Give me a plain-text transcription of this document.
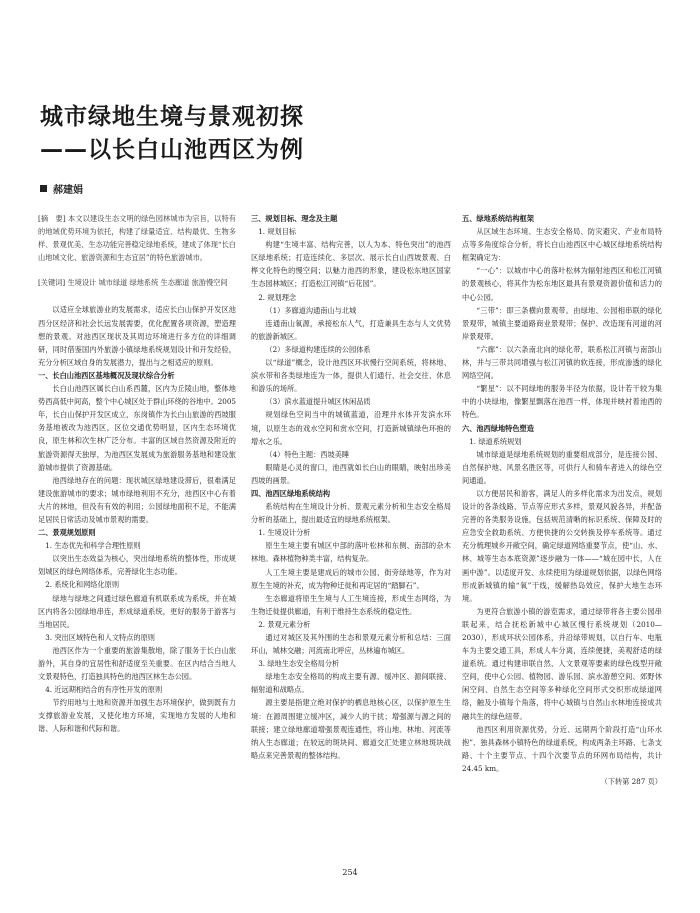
城市绿地生境与景观初探
——以长白山池西区为例
郝建娟

[摘　要] 本文以建设生态文明的绿色园林城市为宗旨，以特有的地域优势环境为依托，构建了绿量适宜、结构最优、生物多样、景观优美、生态功能完善稳定绿地系统，建成了体现“长白山地域文化、旅游资源和生态宜居”的特色旅游城市。

[关键词] 生境设计 城市绿道 绿地系统 生态廊道 旅游慢空间

以适应全球旅游业的发展需求，适应长白山保护开发区池西分区经济和社会长远发展需要，优化配置各项资源，塑造理想的景观。对池西区现状及其周边环境进行多方位的详细调研，同时借鉴国内外旅游小镇绿地系统规划设计和开发经验，充分分析区域自身的发展潜力，提出与之相适应的原则。

一、长白山池西区基地概况及现状综合分析

长白山池西区属长白山系西麓，区内为丘陵山地，整体地势西高低中间高，整个中心城区处于群山环绕的谷地中。2005年，长白山保护开发区成立，东岗镇作为长白山旅游的西坡服务基地被改为池西区，区位交通优势明显，区内生态环境优良，原生林和次生林广泛分布。丰富的区域自然资源及附近的旅游资源得天独厚，为池西区发展成为旅游服务基地和建设旅游城市提供了资源基础。

池西绿地存在的问题：现状城区绿地建设滞后，很难满足建设旅游城市的要求；城市绿地利用不充分，池西区中心有着大片的林地，但没有有效的利用；公园绿地面积不足，不能满足居民日常活动及城市景观的需要。

二、景观规划原则

1. 生态优先和科学合理性原则

以突出生态效益为核心，突出绿地系统的整体性，形成规划城区的绿色网络体系，完善绿化生态功能。

2. 系统化和网络化原则

绿地与绿地之间通过绿色廊道有机联系成为系统，并在城区内将各公园绿地串连，形成绿道系统，更好的服务于游客与当地居民。

3. 突出区域特色和人文特点的原则

池西区作为一个重要的旅游集散地，除了服务于长白山旅游外，其自身的宜居性和舒适度至关重要。在区内结合当地人文景观特色，打造独具特色的池西区林生态公园。

4. 近远期相结合的有序性开发的原则

节约用地与土地和资源并加强生态环境保护，做到既有力支撑旅游业发展，又使化地方环境，实现地方发展的人地和谐、人际和谐和代际和谐。

三、规划目标、理念及主题

1. 规划目标

构建“生境丰富、结构完善，以人为本、特色突出”的池西区绿地系统；打造连续化、多层次、展示长白山西坡景观、白桦文化特色的慢空间；以魅力池西的形象，建设松东地区国家生态园林城区；打造松江河镇“后花园”。

2. 规划理念

（1）多廊道沟通南山与北城

连通南山氧源，承接松东人气，打造兼具生态与人文优势的旅游新城区。

（2）多绿道构建连续的公园体系

以“绿道”概念，设计池西区环状慢行空间系统，将林地、滨水带和各类绿地连为一体，提供人们通行、社会交往、休息和游乐的场所。

（3）滨水蓝道提升城区休闲品质

规划绿色空间当中的城镇蓝道，沿理井水体开发滨水环境，以原生态的戏水空间和赏水空间，打造新城镇绿色环抱的增水之乐。

（4）特色主题：西坡美睡

眼睛是心灵的窗口，池西就如长白山的眼睛，映射出珍美西坡的画景。

四、池西区绿地系统结构

系统结构在生境设计分析、景观元素分析和生态安全格局分析的基础上，提出最适宜的绿地系统框架。

1. 生境设计分析

原生生境主要有城区中部的落叶松林和东侧、南部的杂木林地。森林植物种类丰富，结构复杂。

人工生境主要是建成后的城市公园、街旁绿地等，作为对原生生境的补充，成为物种迁徙和再定居的“踏脚石”。

生态廊道将原生生境与人工生境连接，形成生态网络，为生物迁徙提供廊道，有利于维持生态系统的稳定性。

2. 景观元素分析

通过对城区及其外围的生态和景观元素分析和总结：三面环山，城林交融；河流南北呼应，丛林遍布城区。

3. 绿地生态安全格局分析

绿地生态安全格局的构成主要有源、缓冲区、源间联接、辐射道和战略点。

源主要是指建立绝对保护的栖息地核心区，以保护原生生境：在源周围建立缓冲区，减少人的干扰；增强源与源之间的联接；建立绿地廊道增强景观连通性，将山地、林地、河流等纳入生态廊道；在较远的斑块间、廊道交汇处建立林地斑块战略点来完善景观的整体结构。

五、绿地系统结构框架

从区域生态环境、生态安全格局、防灾避灾、产业布局特点等多角度综合分析，将长白山池西区中心城区绿地系统结构框架确定为：

“一心”：以城市中心的落叶松林为辐射池西区和松江河镇的景观核心，将其作为松东地区最具有景观资源价值和活力的中心公园。

“三带”：即三条横向景观带。由绿地、公园相串联的绿化景观带，城镇主要道路商业景观带；保护、改造现有河道的河岸景观带。

“六廊”：以六条南北向的绿化带，联系松江河镇与南部山林，并与三带共同增强与松江河镇的软连接，形成渗透的绿化网络空间。

“繁星”：以不同绿地的服务半径为依据，设计若干较为集中的小块绿地，像繁星飘落在池西一样，体现并映衬着池西的特色。

六、池西绿地特色塑造

1. 绿道系统规划

城市绿道是绿地系统规划的重要组成部分，是连接公园、自然保护地、风景名胜区等，可供行人和骑车者进入的绿色空间通道。

以方便居民和游客，满足人的多样化需求为出发点，规划设计的各条线路、节点等应形式多样，景观风貌各异，并配备完善的各类服务设施，包括规范清晰的标识系统、保障及时的应急安全救助系统、方便快捷的公交转换及停车系统等。通过充分梳理城乡开敞空间，确定绿道网络重要节点，使“山、水、林、城等生态本底资源”逐步融为一体——“城在园中长，人在画中游”。以适度开发、永续使用为绿道规划依据，以绿色网络形成新城镇的输“氧”干线，缓解热岛效应，保护大地生态环境。

为更符合旅游小镇的游览需求，通过绿带将各主要公园串联起来，结合抚松新城中心城区慢行系统规划（2010—2030），形成环状公园体系，并沿绿带规划，以自行车、电瓶车为主要交通工具，形成人车分离，连续便捷，美观舒适的绿道系统。通过构建串联自然、人文景观等要素的绿色线型开敞空间，使中心公园、植物园、游乐园、滨水游憩空间、郊野休闲空间、自然生态空间等多种绿化空间形式交织形成绿道网络，触及小镇每个角落，将中心城镇与自然山水林地连接成共融共生的绿色纽带。

池西区利用资源优势，分近、远期两个阶段打造“山环水抱”、独具森林小镇特色的绿道系统，构成两条主环路、七条支路、十个主要节点、十四个次要节点的环网布局结构，共计 24.45 km。

（下转第 287 页）

254
